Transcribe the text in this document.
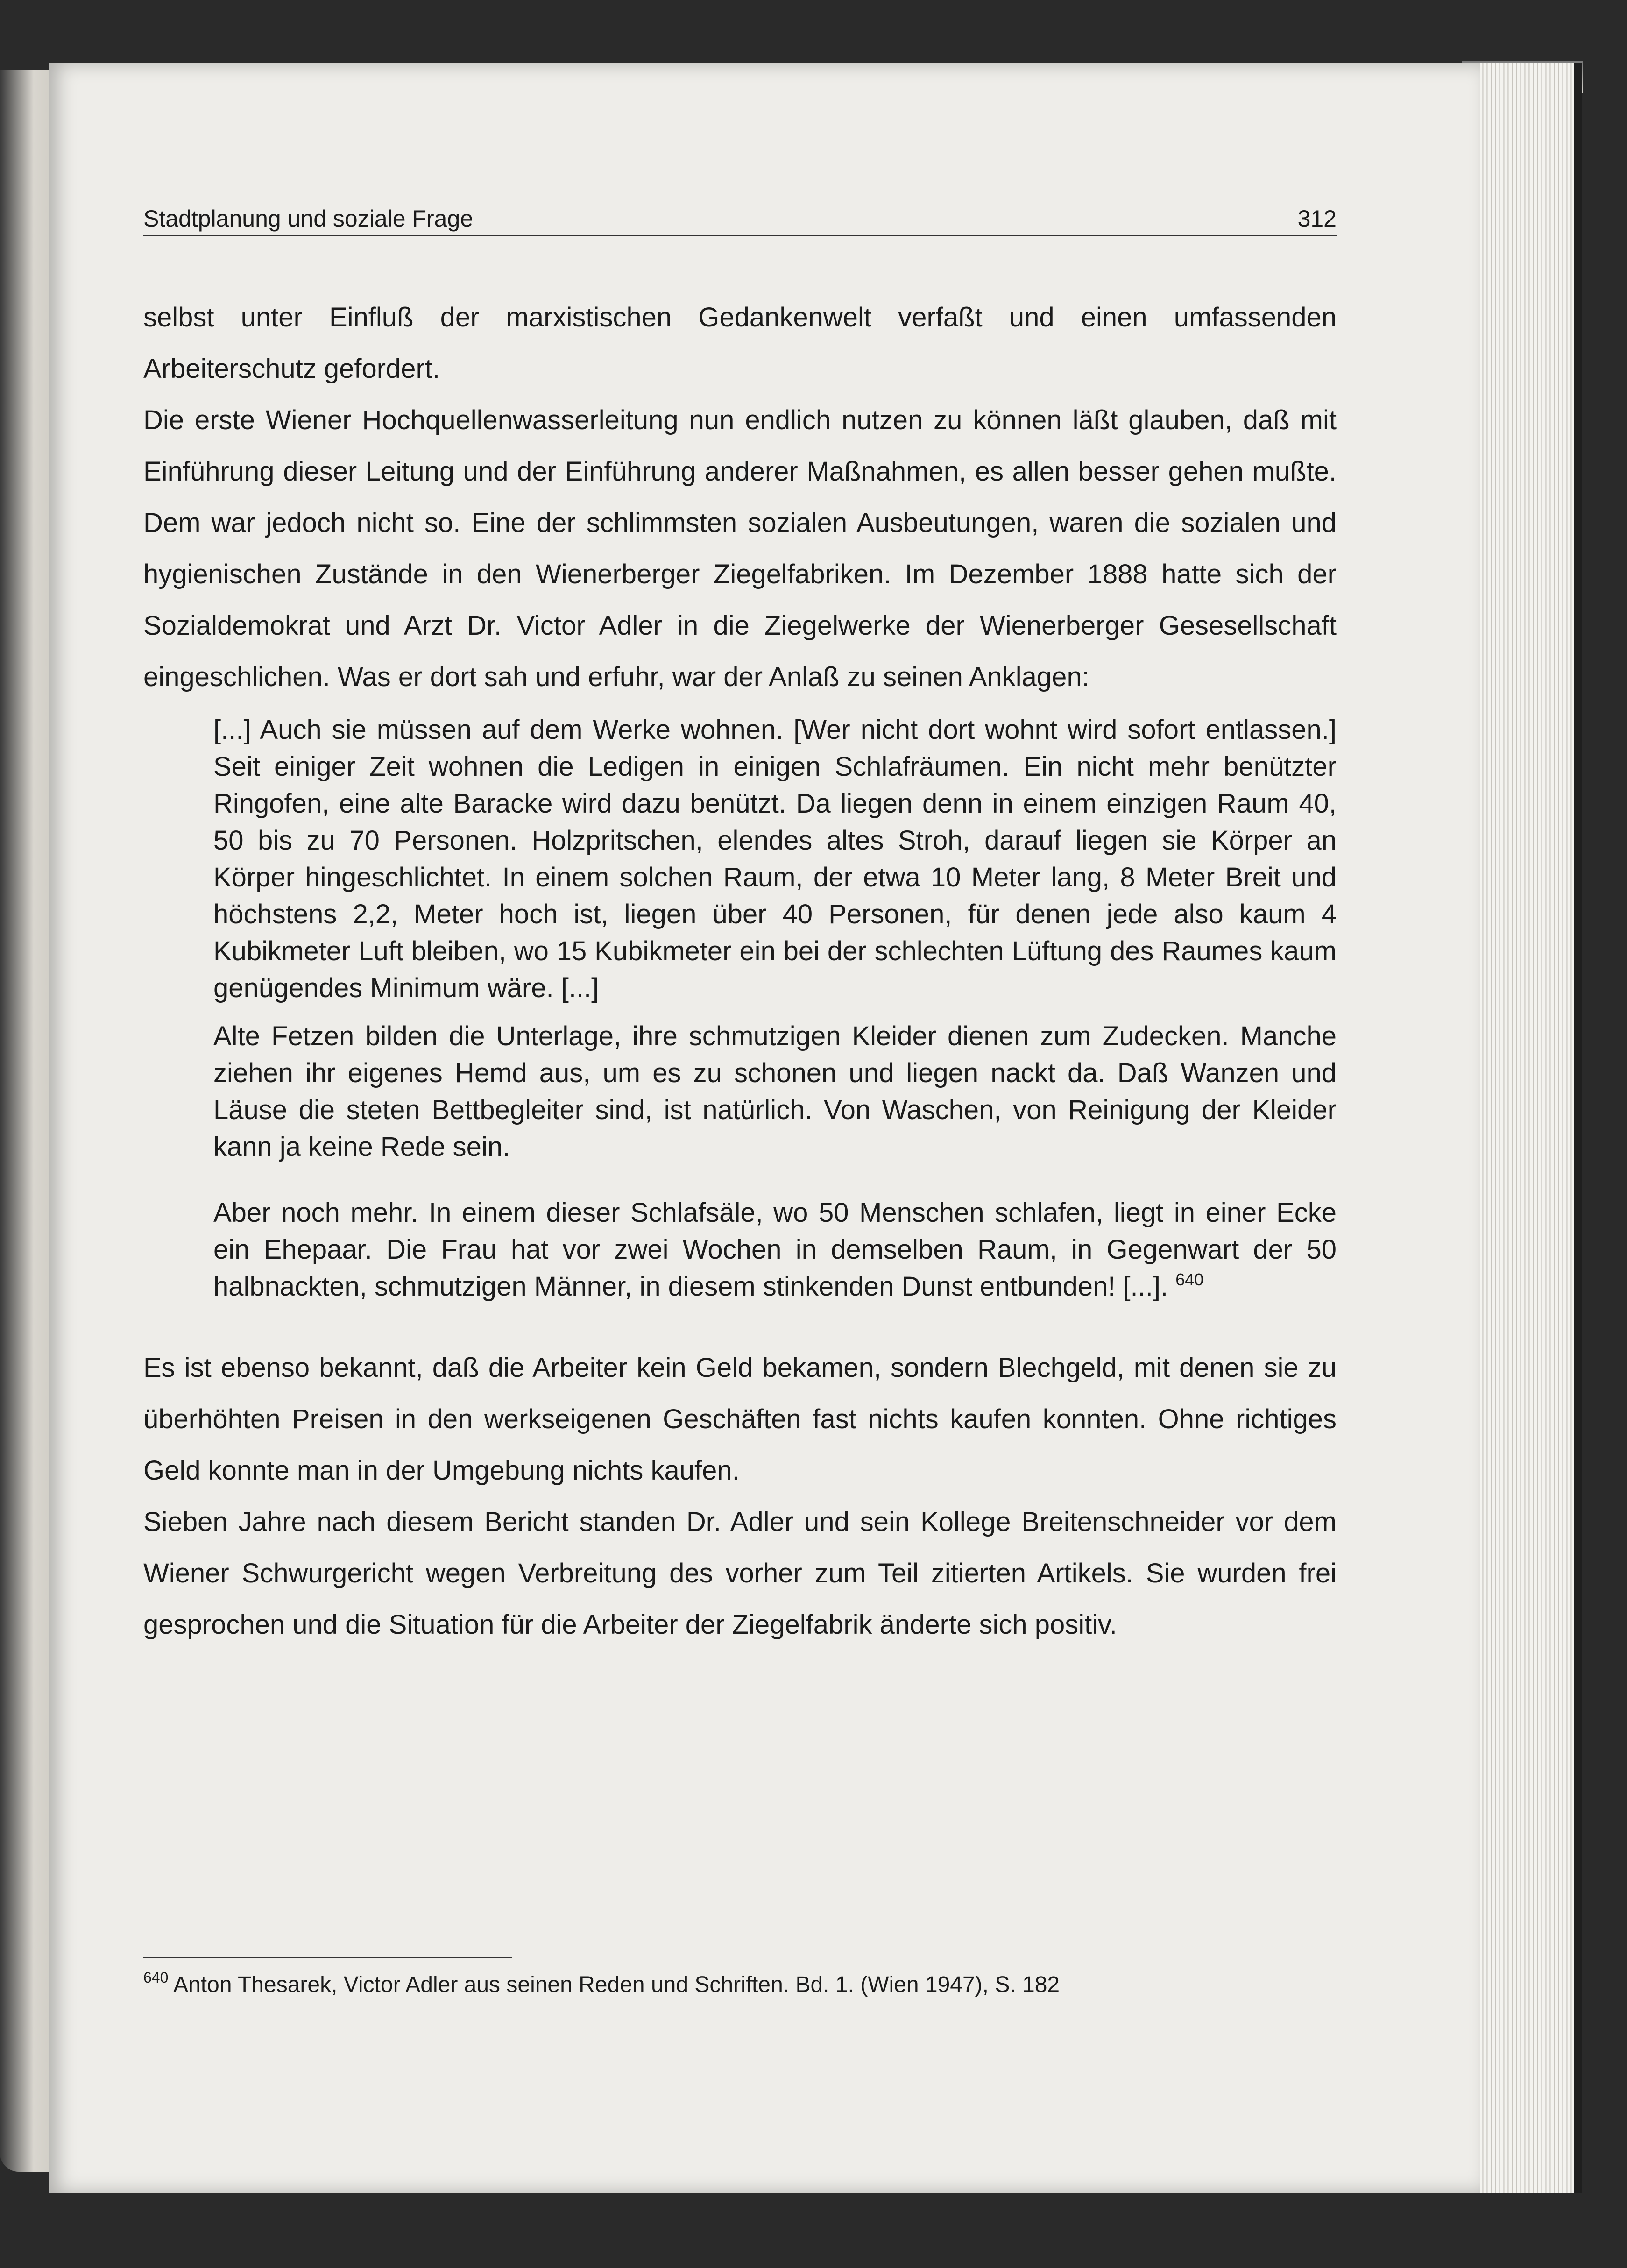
Stadtplanung und soziale Frage	312

selbst unter Einfluß der marxistischen Gedankenwelt verfaßt und einen umfassenden Arbeiterschutz gefordert.

Die erste Wiener Hochquellenwasserleitung nun endlich nutzen zu können läßt glauben, daß mit Einführung dieser Leitung und der Einführung anderer Maßnahmen, es allen besser gehen mußte. Dem war jedoch nicht so. Eine der schlimmsten sozialen Ausbeutungen, waren die sozialen und hygienischen Zustände in den Wienerberger Ziegelfabriken. Im Dezember 1888 hatte sich der Sozialdemokrat und Arzt Dr. Victor Adler in die Ziegelwerke der Wienerberger Gesesellschaft eingeschlichen. Was er dort sah und erfuhr, war der Anlaß zu seinen Anklagen:

[...] Auch sie müssen auf dem Werke wohnen. [Wer nicht dort wohnt wird sofort entlassen.] Seit einiger Zeit wohnen die Ledigen in einigen Schlafräumen. Ein nicht mehr benützter Ringofen, eine alte Baracke wird dazu benützt. Da liegen denn in einem einzigen Raum 40, 50 bis zu 70 Personen. Holzpritschen, elendes altes Stroh, darauf liegen sie Körper an Körper hingeschlichtet. In einem solchen Raum, der etwa 10 Meter lang, 8 Meter Breit und höchstens 2,2, Meter hoch ist, liegen über 40 Personen, für denen jede also kaum 4 Kubikmeter Luft bleiben, wo 15 Kubikmeter ein bei der schlechten Lüftung des Raumes kaum genügendes Minimum wäre. [...]

Alte Fetzen bilden die Unterlage, ihre schmutzigen Kleider dienen zum Zudecken. Manche ziehen ihr eigenes Hemd aus, um es zu schonen und liegen nackt da. Daß Wanzen und Läuse die steten Bettbegleiter sind, ist natürlich. Von Waschen, von Reinigung der Kleider kann ja keine Rede sein.

Aber noch mehr. In einem dieser Schlafsäle, wo 50 Menschen schlafen, liegt in einer Ecke ein Ehepaar. Die Frau hat vor zwei Wochen in demselben Raum, in Gegenwart der 50 halbnackten, schmutzigen Männer, in diesem stinkenden Dunst entbunden! [...]. $^{640}$

Es ist ebenso bekannt, daß die Arbeiter kein Geld bekamen, sondern Blechgeld, mit denen sie zu überhöhten Preisen in den werkseigenen Geschäften fast nichts kaufen konnten. Ohne richtiges Geld konnte man in der Umgebung nichts kaufen.

Sieben Jahre nach diesem Bericht standen Dr. Adler und sein Kollege Breitenschneider vor dem Wiener Schwurgericht wegen Verbreitung des vorher zum Teil zitierten Artikels. Sie wurden frei gesprochen und die Situation für die Arbeiter der Ziegelfabrik änderte sich positiv.

$^{640}$ Anton Thesarek, Victor Adler aus seinen Reden und Schriften. Bd. 1. (Wien 1947), S. 182
